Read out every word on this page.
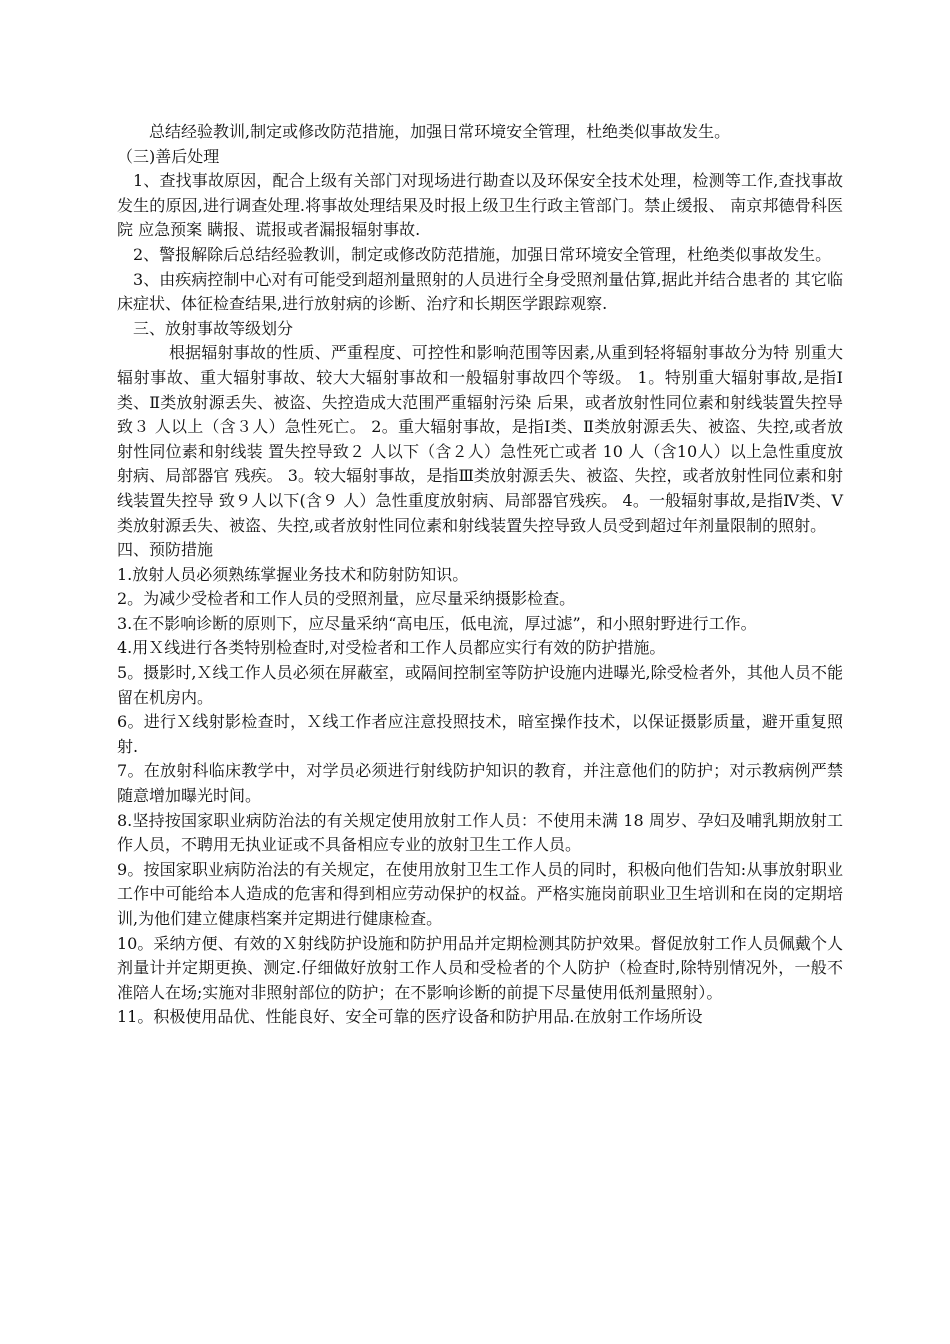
总结经验教训,制定或修改防范措施，加强日常环境安全管理，杜绝类似事故发生。

（三)善后处理

1、查找事故原因，配合上级有关部门对现场进行勘查以及环保安全技术处理，检测等工作,查找事故发生的原因,进行调查处理.将事故处理结果及时报上级卫生行政主管部门。禁止缓报、 南京邦德骨科医院 应急预案 瞒报、谎报或者漏报辐射事故.

2、警报解除后总结经验教训，制定或修改防范措施，加强日常环境安全管理，杜绝类似事故发生。

3、由疾病控制中心对有可能受到超剂量照射的人员进行全身受照剂量估算,据此并结合患者的 其它临床症状、体征检查结果,进行放射病的诊断、治疗和长期医学跟踪观察.

三、放射事故等级划分

根据辐射事故的性质、严重程度、可控性和影响范围等因素,从重到轻将辐射事故分为特 别重大辐射事故、重大辐射事故、较大大辐射事故和一般辐射事故四个等级。 1。特别重大辐射事故,是指Ⅰ类、Ⅱ类放射源丢失、被盗、失控造成大范围严重辐射污染 后果，或者放射性同位素和射线装置失控导致３ 人以上（含３人）急性死亡。 2。重大辐射事故，是指Ⅰ类、Ⅱ类放射源丢失、被盗、失控,或者放射性同位素和射线装 置失控导致２ 人以下（含２人）急性死亡或者 10 人（含10人）以上急性重度放射病、局部器官 残疾。 3。较大辐射事故，是指Ⅲ类放射源丢失、被盗、失控，或者放射性同位素和射线装置失控导 致９人以下(含９ 人）急性重度放射病、局部器官残疾。 4。一般辐射事故,是指Ⅳ类、Ⅴ类放射源丢失、被盗、失控,或者放射性同位素和射线装置失控导致人员受到超过年剂量限制的照射。

四、预防措施

1.放射人员必须熟练掌握业务技术和防射防知识。

2。为减少受检者和工作人员的受照剂量，应尽量采纳摄影检查。

3.在不影响诊断的原则下，应尽量采纳“高电压，低电流，厚过滤”，和小照射野进行工作。

4.用Ｘ线进行各类特别检查时,对受检者和工作人员都应实行有效的防护措施。

5。摄影时,Ｘ线工作人员必须在屏蔽室，或隔间控制室等防护设施内进曝光,除受检者外，其他人员不能留在机房内。

6。进行Ｘ线射影检查时，Ｘ线工作者应注意投照技术，暗室操作技术，以保证摄影质量，避开重复照射.

7。在放射科临床教学中，对学员必须进行射线防护知识的教育，并注意他们的防护；对示教病例严禁随意增加曝光时间。

8.坚持按国家职业病防治法的有关规定使用放射工作人员：不使用未满 18 周岁、孕妇及哺乳期放射工作人员，不聘用无执业证或不具备相应专业的放射卫生工作人员。

9。按国家职业病防治法的有关规定，在使用放射卫生工作人员的同时，积极向他们告知:从事放射职业工作中可能给本人造成的危害和得到相应劳动保护的权益。严格实施岗前职业卫生培训和在岗的定期培训,为他们建立健康档案并定期进行健康检查。

10。采纳方便、有效的Ｘ射线防护设施和防护用品并定期检测其防护效果。督促放射工作人员佩戴个人剂量计并定期更换、测定.仔细做好放射工作人员和受检者的个人防护（检查时,除特别情况外，一般不准陪人在场;实施对非照射部位的防护；在不影响诊断的前提下尽量使用低剂量照射）。

11。积极使用品优、性能良好、安全可靠的医疗设备和防护用品.在放射工作场所设
